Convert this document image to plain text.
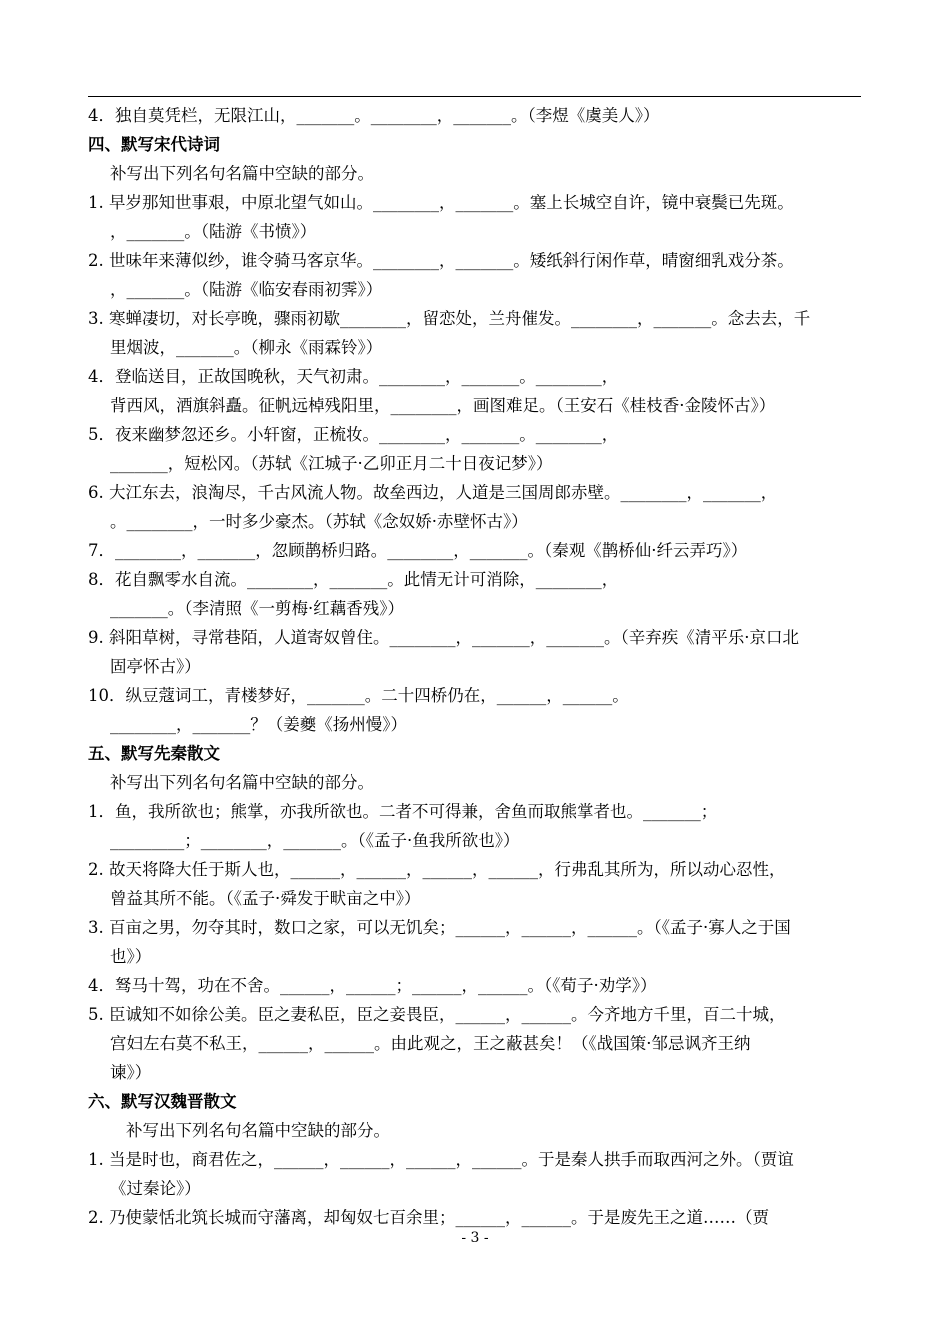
4．独自莫凭栏，无限江山，_______。________，_______。（李煜《虞美人》）
四、默写宋代诗词
补写出下列名句名篇中空缺的部分。
1. 早岁那知世事艰，中原北望气如山。________，_______。塞上长城空自许，镜中衰鬓已先斑。
，_______。（陆游《书愤》）
2. 世味年来薄似纱，谁令骑马客京华。________，_______。矮纸斜行闲作草，晴窗细乳戏分茶。
，_______。（陆游《临安春雨初霁》）
3. 寒蝉凄切，对长亭晚，骤雨初歇________，留恋处，兰舟催发。________，_______。念去去，千
里烟波，_______。（柳永《雨霖铃》）
4．登临送目，正故国晚秋，天气初肃。________，_______。________，
背西风，酒旗斜矗。征帆远棹残阳里，________，画图难足。（王安石《桂枝香·金陵怀古》）
5．夜来幽梦忽还乡。小轩窗，正梳妆。________，_______。________，
_______，短松冈。（苏轼《江城子·乙卯正月二十日夜记梦》）
6. 大江东去，浪淘尽，千古风流人物。故垒西边，人道是三国周郎赤壁。________，_______，
。________，一时多少豪杰。（苏轼《念奴娇·赤壁怀古》）
7．________，_______，忽顾鹊桥归路。________，_______。（秦观《鹊桥仙·纤云弄巧》）
8．花自飘零水自流。________，_______。此情无计可消除，________，
_______。（李清照《一剪梅·红藕香残》）
9. 斜阳草树，寻常巷陌，人道寄奴曾住。________，_______，_______。（辛弃疾《清平乐·京口北
固亭怀古》）
10．纵豆蔻词工，青楼梦好，_______。二十四桥仍在，______，______。
________，_______？（姜夔《扬州慢》）
五、默写先秦散文
补写出下列名句名篇中空缺的部分。
1．鱼，我所欲也；熊掌，亦我所欲也。二者不可得兼，舍鱼而取熊掌者也。_______；
_________；________，_______。（《孟子·鱼我所欲也》）
2. 故天将降大任于斯人也，______，______，______，______，行弗乱其所为，所以动心忍性，
曾益其所不能。（《孟子·舜发于畎亩之中》）
3. 百亩之男，勿夺其时，数口之家，可以无饥矣；______，______，______。（《孟子·寡人之于国
也》）
4．驽马十驾，功在不舍。______，______；______，______。（《荀子·劝学》）
5. 臣诚知不如徐公美。臣之妻私臣，臣之妾畏臣，______，______。今齐地方千里，百二十城，
宫妇左右莫不私王，______，______。由此观之，王之蔽甚矣！（《战国策·邹忌讽齐王纳
谏》）
六、默写汉魏晋散文
补写出下列名句名篇中空缺的部分。
1. 当是时也，商君佐之，______，______，______，______。于是秦人拱手而取西河之外。（贾谊
《过秦论》）
2. 乃使蒙恬北筑长城而守藩离，却匈奴七百余里；______，______。于是废先王之道……（贾
- 3 -
